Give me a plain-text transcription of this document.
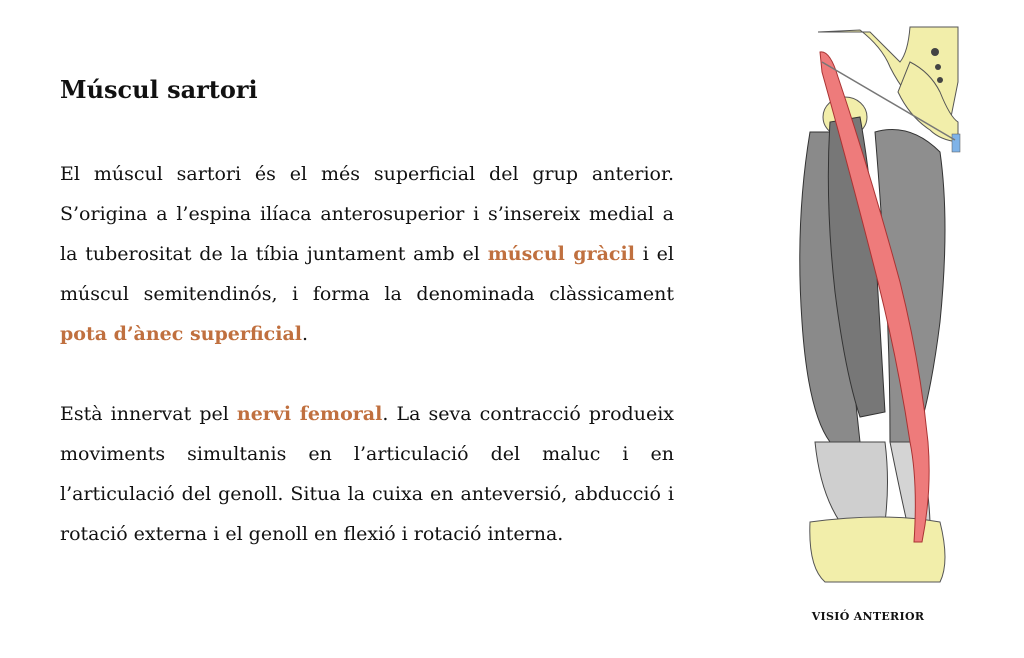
Múscul sartori

El múscul sartori és el més superficial del grup anterior. S’origina a l’espina ilíaca anterosuperior i s’insereix medial a la tuberositat de la tíbia juntament amb el múscul gràcil i el múscul semitendinós, i forma la denominada clàssicament pota d’ànec superficial.

Està innervat pel nervi femoral. La seva contracció produeix moviments simultanis en l’articulació del maluc i en l’articulació del genoll. Situa la cuixa en anteversió, abducció i rotació externa i el genoll en flexió i rotació interna.

VISIÓ ANTERIOR
